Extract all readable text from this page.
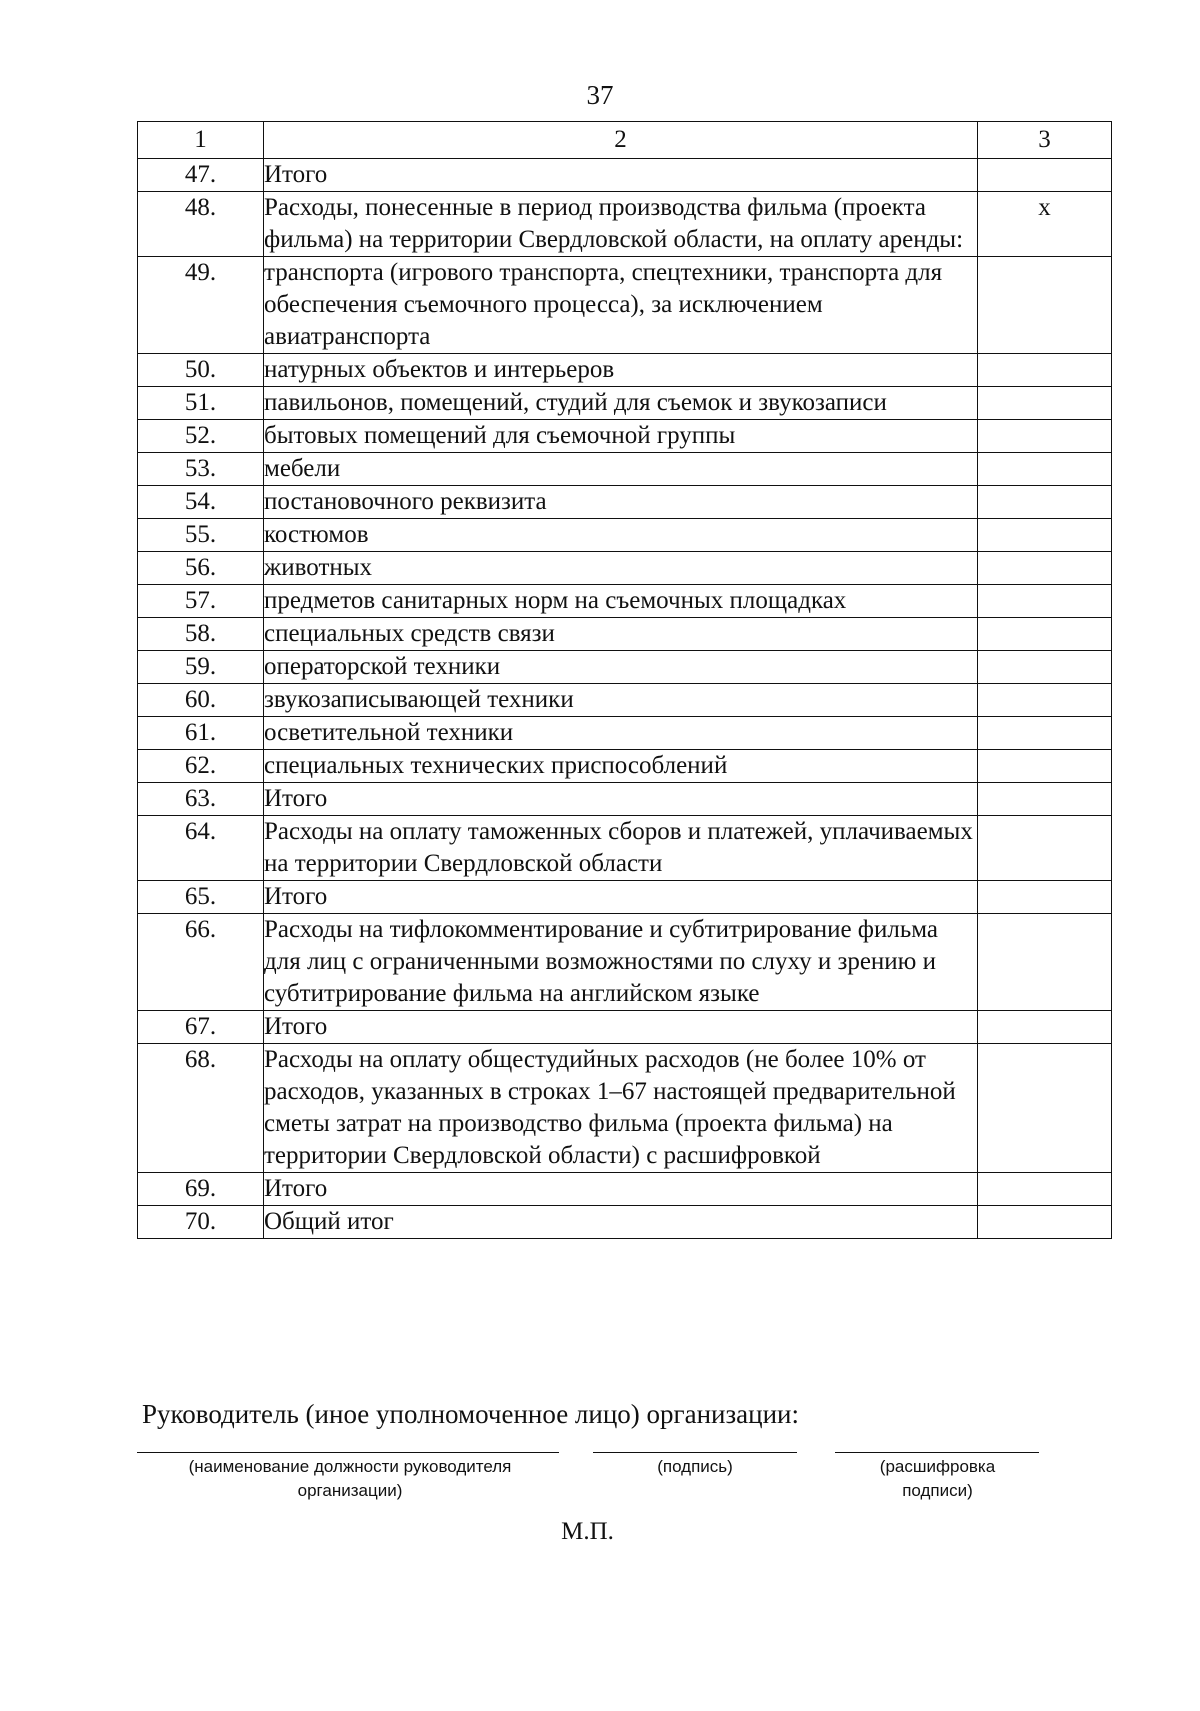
37
1	2	3
47.	Итого	
48.	Расходы, понесенные в период производства фильма (проекта фильма) на территории Свердловской области, на оплату аренды:	х
49.	транспорта (игрового транспорта, спецтехники, транспорта для обеспечения съемочного процесса), за исключением авиатранспорта	
50.	натурных объектов и интерьеров	
51.	павильонов, помещений, студий для съемок и звукозаписи	
52.	бытовых помещений для съемочной группы	
53.	мебели	
54.	постановочного реквизита	
55.	костюмов	
56.	животных	
57.	предметов санитарных норм на съемочных площадках	
58.	специальных средств связи	
59.	операторской техники	
60.	звукозаписывающей техники	
61.	осветительной техники	
62.	специальных технических приспособлений	
63.	Итого	
64.	Расходы на оплату таможенных сборов и платежей, уплачиваемых на территории Свердловской области	
65.	Итого	
66.	Расходы на тифлокомментирование и субтитрирование фильма для лиц с ограниченными возможностями по слуху и зрению и субтитрирование фильма на английском языке	
67.	Итого	
68.	Расходы на оплату общестудийных расходов (не более 10% от расходов, указанных в строках 1–67 настоящей предварительной сметы затрат на производство фильма (проекта фильма) на территории Свердловской области) с расшифровкой	
69.	Итого	
70.	Общий итог	
Руководитель (иное уполномоченное лицо) организации:
(наименование должности руководителя организации)
(подпись)	(расшифровка подписи)
М.П.
